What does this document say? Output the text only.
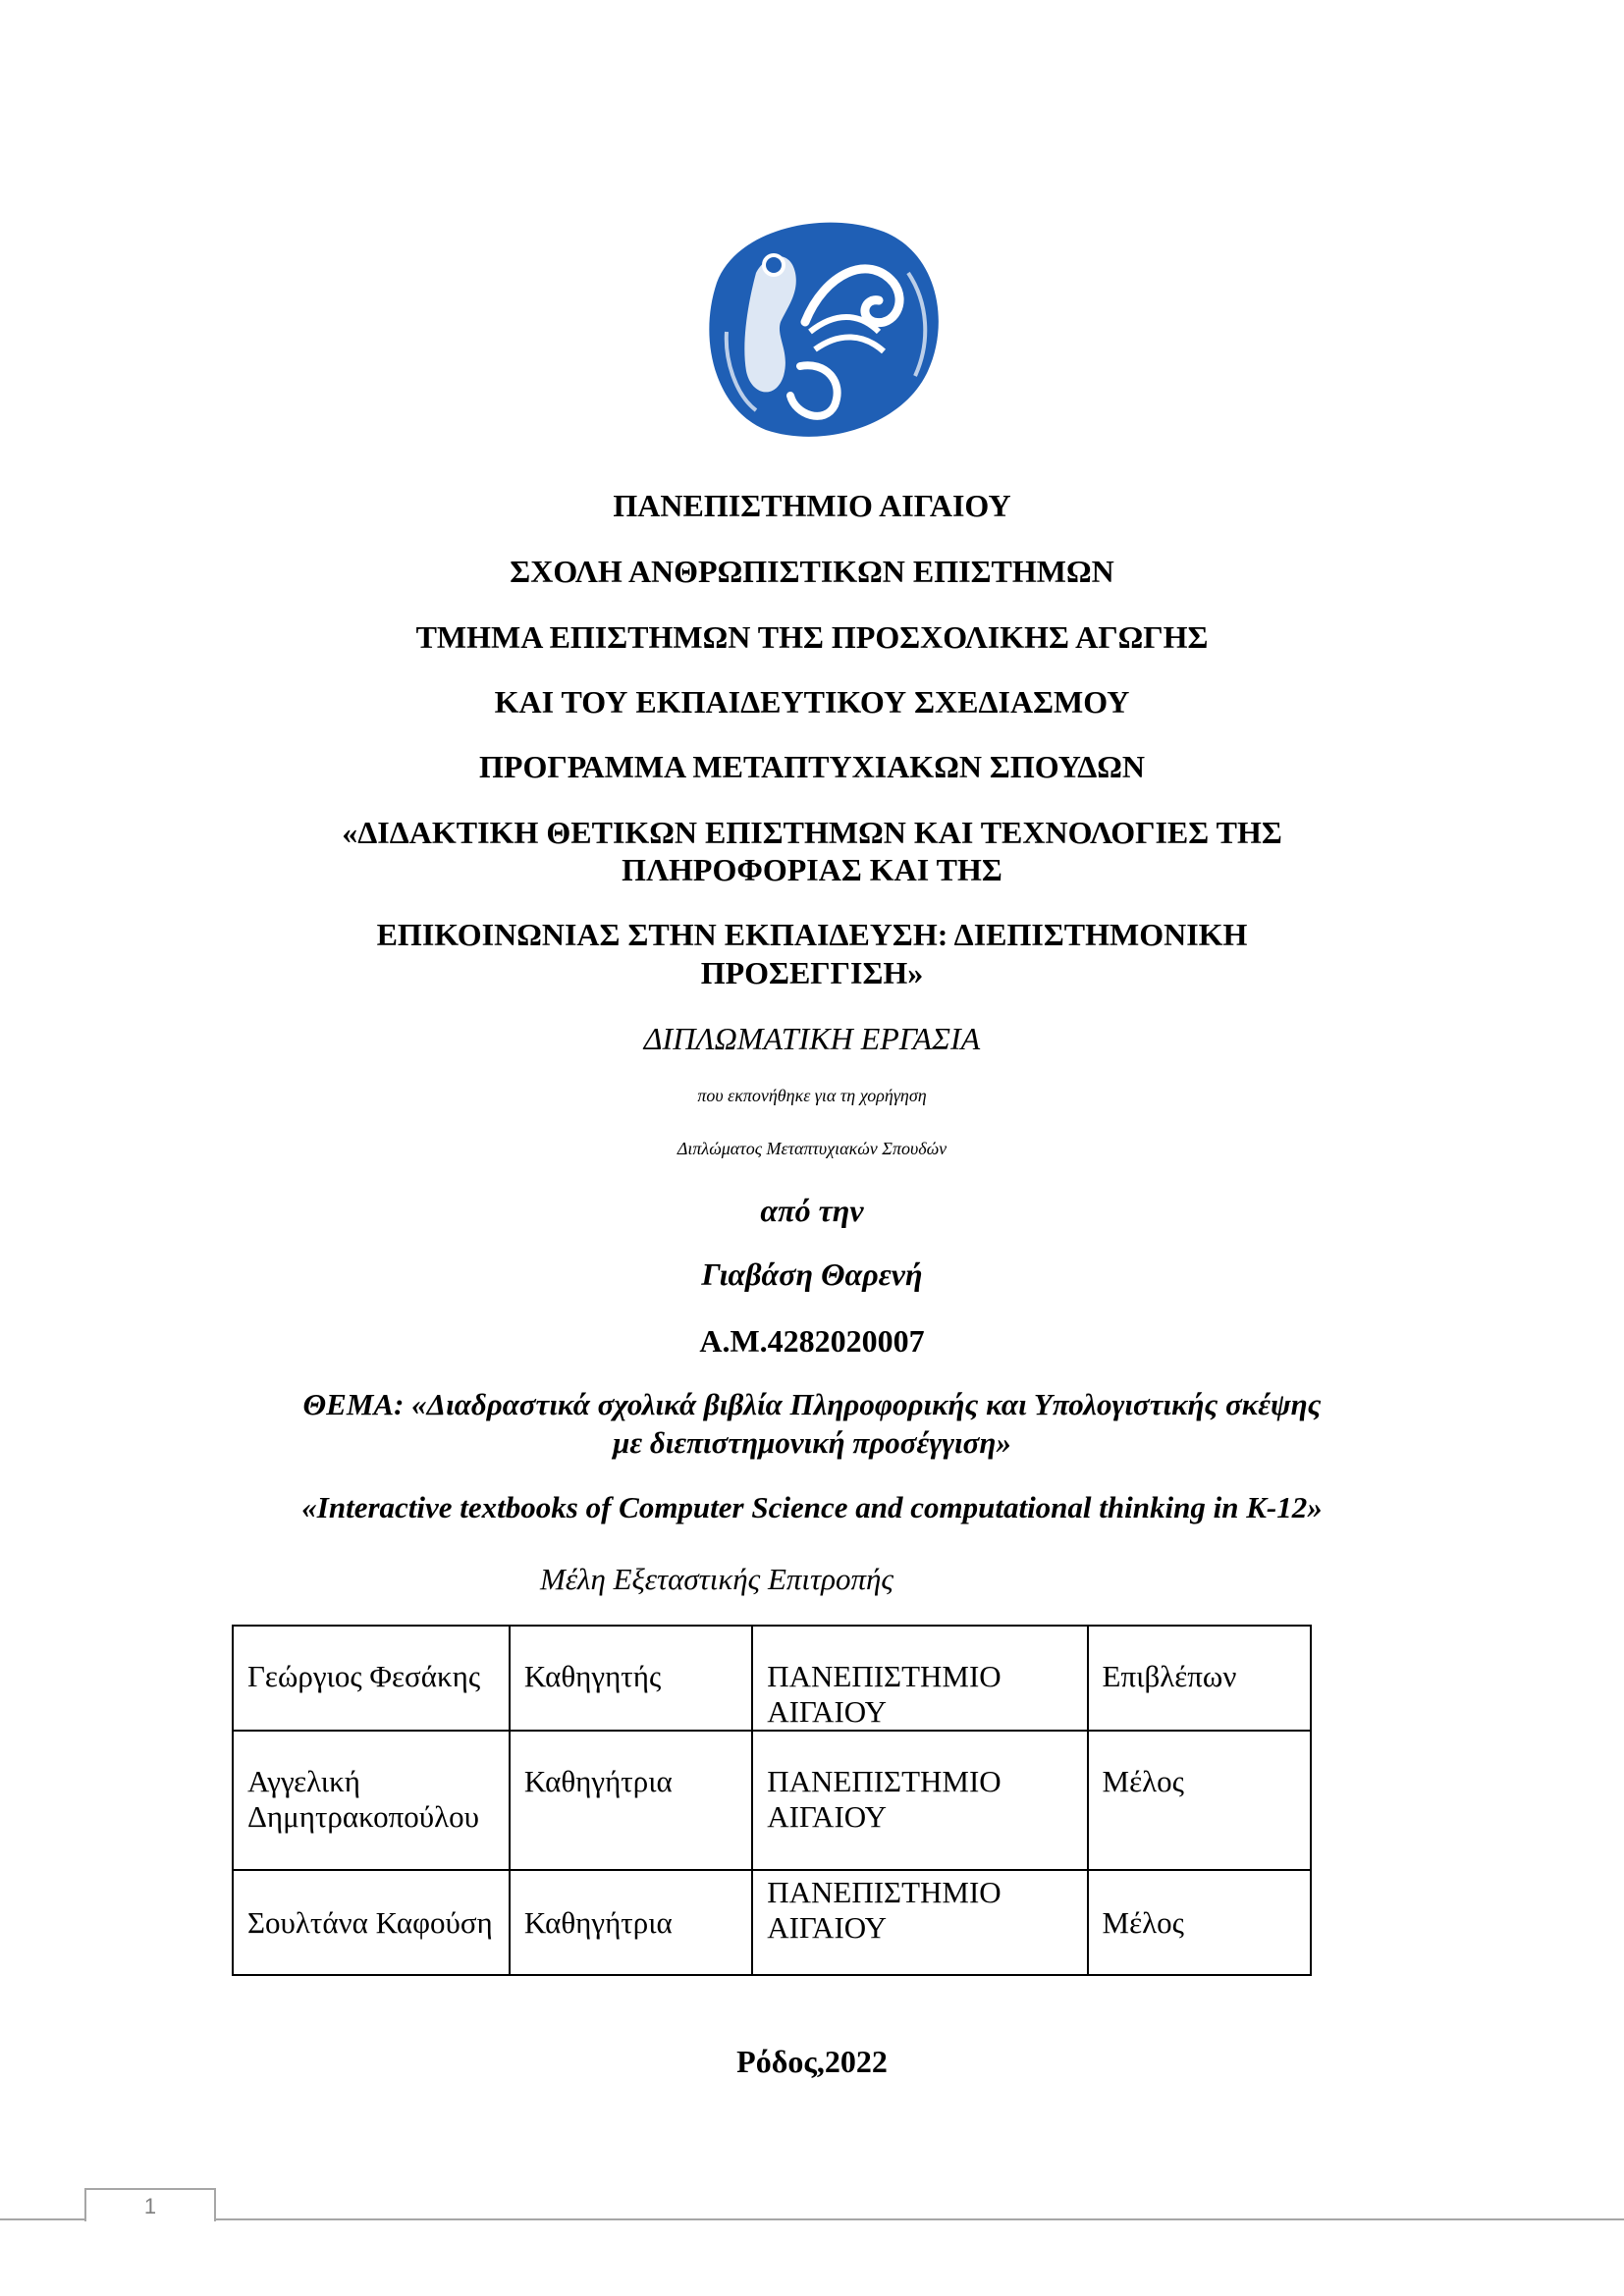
ΠΑΝΕΠΙΣΤΗΜΙΟ ΑΙΓΑΙΟΥ
ΣΧΟΛΗ ΑΝΘΡΩΠΙΣΤΙΚΩΝ ΕΠΙΣΤΗΜΩΝ
ΤΜΗΜΑ ΕΠΙΣΤΗΜΩΝ ΤΗΣ ΠΡΟΣΧΟΛΙΚΗΣ ΑΓΩΓΗΣ
ΚΑΙ ΤΟΥ ΕΚΠΑΙΔΕΥΤΙΚΟΥ ΣΧΕΔΙΑΣΜΟΥ
ΠΡΟΓΡΑΜΜΑ ΜΕΤΑΠΤΥΧΙΑΚΩΝ ΣΠΟΥΔΩΝ
«ΔΙΔΑΚΤΙΚΗ ΘΕΤΙΚΩΝ ΕΠΙΣΤΗΜΩΝ ΚΑΙ ΤΕΧΝΟΛΟΓΙΕΣ ΤΗΣ
ΠΛΗΡΟΦΟΡΙΑΣ ΚΑΙ ΤΗΣ
ΕΠΙΚΟΙΝΩΝΙΑΣ ΣΤΗΝ ΕΚΠΑΙΔΕΥΣΗ: ΔΙΕΠΙΣΤΗΜΟΝΙΚΗ
ΠΡΟΣΕΓΓΙΣΗ»
ΔΙΠΛΩΜΑΤΙΚΗ ΕΡΓΑΣΙΑ
που εκπονήθηκε για τη χορήγηση
Διπλώματος Μεταπτυχιακών Σπουδών
από την
Γιαβάση Θαρενή
Α.Μ.4282020007
ΘΕΜΑ: «Διαδραστικά σχολικά βιβλία Πληροφορικής και Υπολογιστικής σκέψης
με διεπιστημονική προσέγγιση»
«Interactive textbooks of Computer Science and computational thinking in K-12»
Μέλη Εξεταστικής Επιτροπής
Γεώργιος Φεσάκης	Καθηγητής	ΠΑΝΕΠΙΣΤΗΜΙΟ ΑΙΓΑΙΟΥ	Επιβλέπων
Αγγελική Δημητρακοπούλου	Καθηγήτρια	ΠΑΝΕΠΙΣΤΗΜΙΟ ΑΙΓΑΙΟΥ	Μέλος
Σουλτάνα Καφούση	Καθηγήτρια	ΠΑΝΕΠΙΣΤΗΜΙΟ ΑΙΓΑΙΟΥ	Μέλος
Ρόδος,2022
1
